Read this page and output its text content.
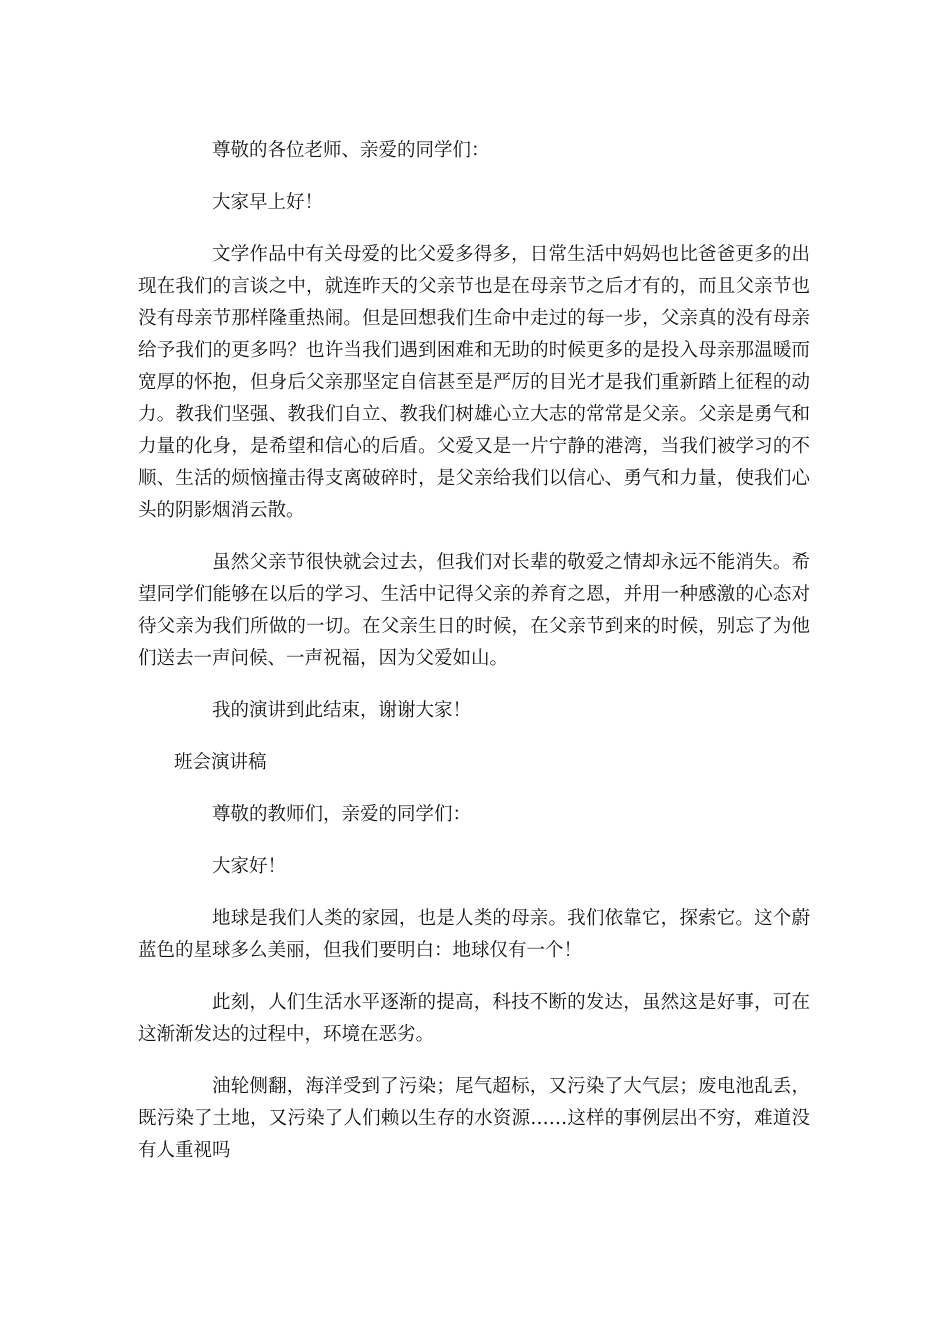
尊敬的各位老师、亲爱的同学们：

大家早上好！

文学作品中有关母爱的比父爱多得多，日常生活中妈妈也比爸爸更多的出现在我们的言谈之中，就连昨天的父亲节也是在母亲节之后才有的，而且父亲节也没有母亲节那样隆重热闹。但是回想我们生命中走过的每一步，父亲真的没有母亲给予我们的更多吗？也许当我们遇到困难和无助的时候更多的是投入母亲那温暖而宽厚的怀抱，但身后父亲那坚定自信甚至是严厉的目光才是我们重新踏上征程的动力。教我们坚强、教我们自立、教我们树雄心立大志的常常是父亲。父亲是勇气和力量的化身，是希望和信心的后盾。父爱又是一片宁静的港湾，当我们被学习的不顺、生活的烦恼撞击得支离破碎时，是父亲给我们以信心、勇气和力量，使我们心头的阴影烟消云散。

虽然父亲节很快就会过去，但我们对长辈的敬爱之情却永远不能消失。希望同学们能够在以后的学习、生活中记得父亲的养育之恩，并用一种感激的心态对待父亲为我们所做的一切。在父亲生日的时候，在父亲节到来的时候，别忘了为他们送去一声问候、一声祝福，因为父爱如山。

我的演讲到此结束，谢谢大家！

班会演讲稿

尊敬的教师们，亲爱的同学们：

大家好！

地球是我们人类的家园，也是人类的母亲。我们依靠它，探索它。这个蔚蓝色的星球多么美丽，但我们要明白：地球仅有一个！

此刻，人们生活水平逐渐的提高，科技不断的发达，虽然这是好事，可在这渐渐发达的过程中，环境在恶劣。

油轮侧翻，海洋受到了污染；尾气超标，又污染了大气层；废电池乱丢，既污染了土地，又污染了人们赖以生存的水资源……这样的事例层出不穷，难道没有人重视吗
